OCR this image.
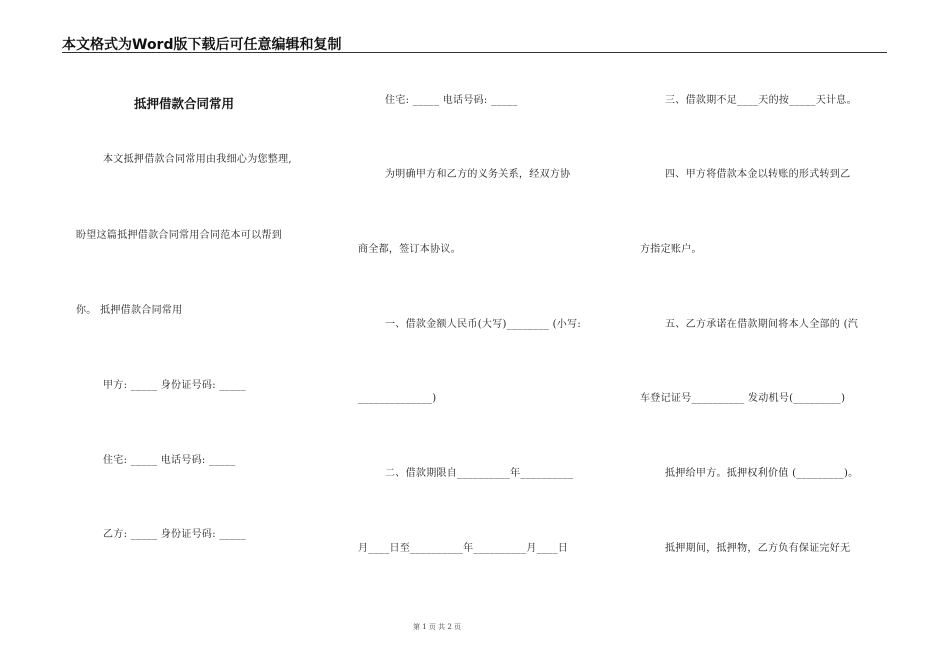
本文格式为Word版下载后可任意编辑和复制
抵押借款合同常用
本文抵押借款合同常用由我细心为您整理,
盼望这篇抵押借款合同常用合同范本可以帮到
你。 抵押借款合同常用
甲方: _____ 身份证号码: _____
住宅: _____ 电话号码: _____
乙方: _____ 身份证号码: _____
住宅: _____ 电话号码: _____
为明确甲方和乙方的义务关系，经双方协
商全都，签订本协议。
一、借款金额人民币(大写)________ (小写:
______________)
二、借款期限自__________年__________
月____日至__________年__________月____日
三、借款期不足____天的按_____天计息。
四、甲方将借款本金以转账的形式转到乙
方指定账户。
五、乙方承诺在借款期间将本人全部的 (汽
车登记证号__________ 发动机号(_________)
抵押给甲方。抵押权利价值 (_________)。
抵押期间，抵押物，乙方负有保证完好无
第 1 页 共 2 页
